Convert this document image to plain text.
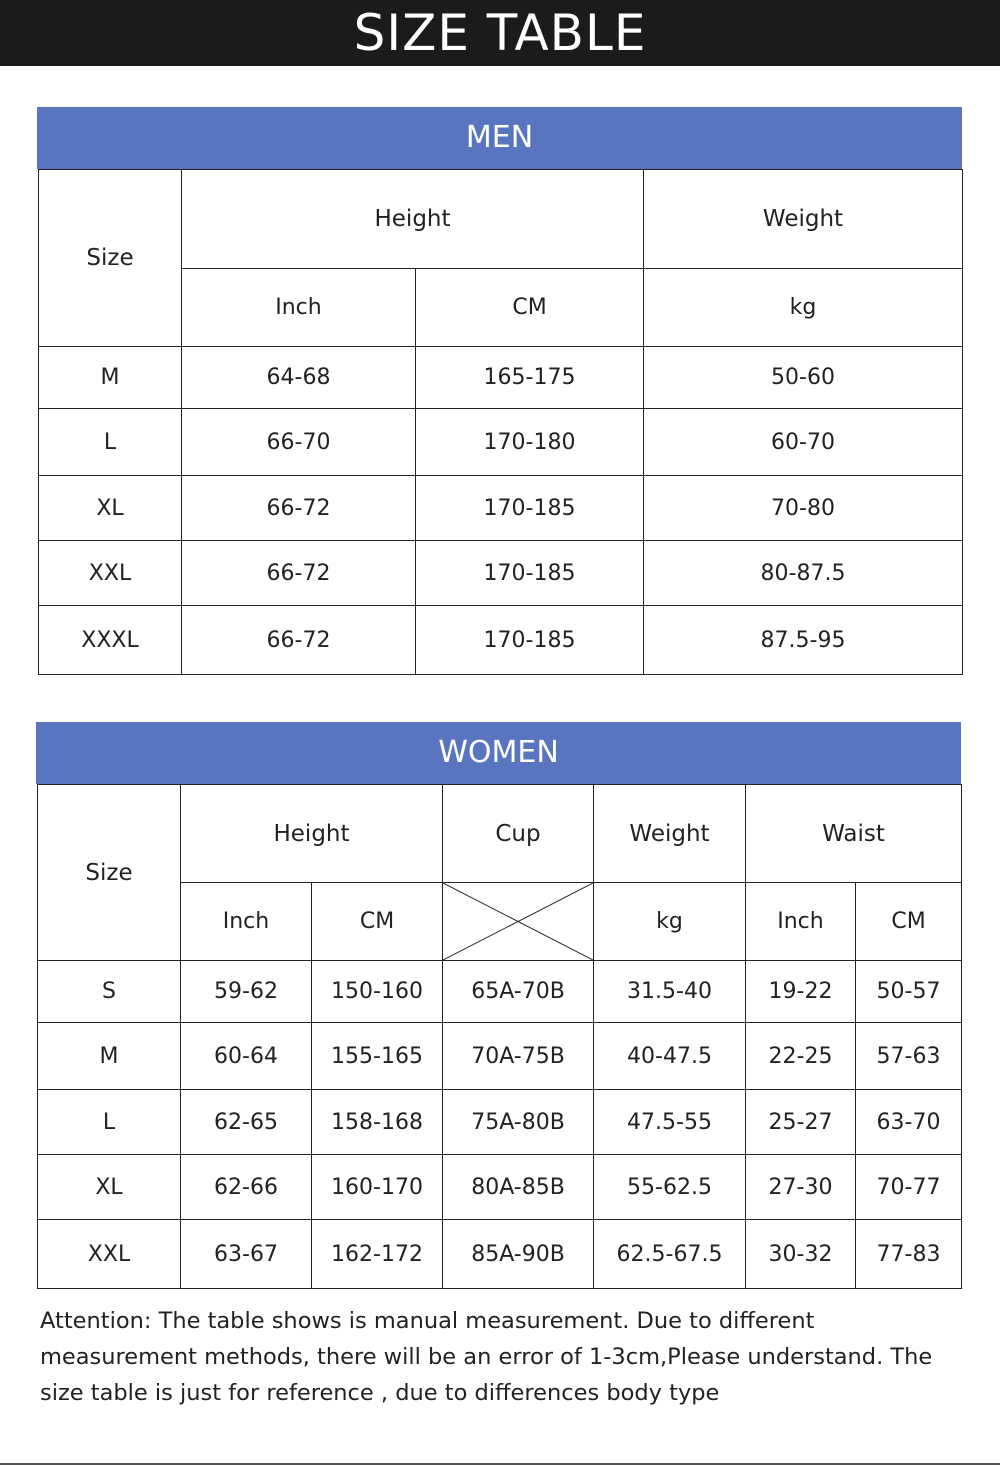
SIZE TABLE
MEN
Size	Height		Weight
	Inch	CM	kg
M	64-68	165-175	50-60
L	66-70	170-180	60-70
XL	66-72	170-185	70-80
XXL	66-72	170-185	80-87.5
XXXL	66-72	170-185	87.5-95
WOMEN
Size	Height		Cup	Weight	Waist	
	Inch	CM		kg	Inch	CM
S	59-62	150-160	65A-70B	31.5-40	19-22	50-57
M	60-64	155-165	70A-75B	40-47.5	22-25	57-63
L	62-65	158-168	75A-80B	47.5-55	25-27	63-70
XL	62-66	160-170	80A-85B	55-62.5	27-30	70-77
XXL	63-67	162-172	85A-90B	62.5-67.5	30-32	77-83
Attention: The table shows is manual measurement. Due to different measurement methods, there will be an error of 1-3cm,Please understand. The size table is just for reference , due to differences body type
